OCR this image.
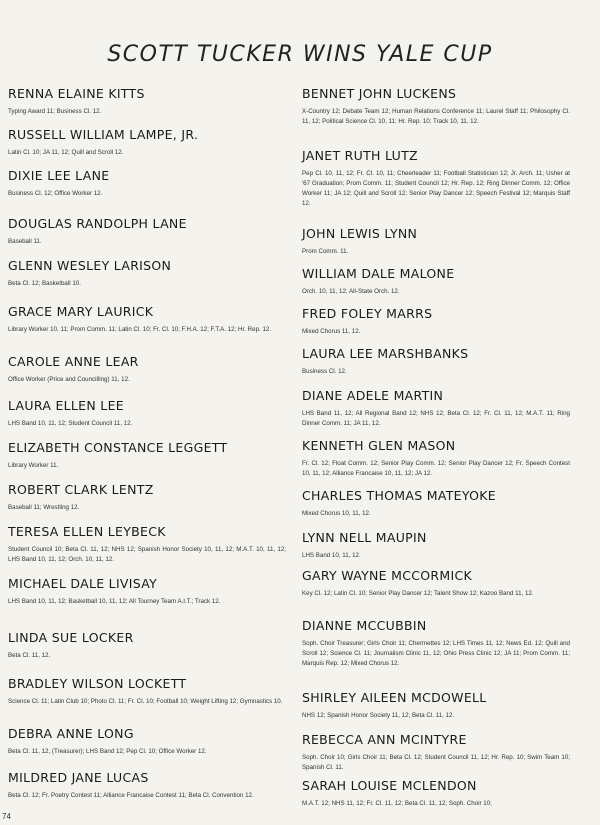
SCOTT TUCKER WINS YALE CUP
RENNA ELAINE KITTS
Typing Award 11; Business Cl. 12.
RUSSELL WILLIAM LAMPE, JR.
Latin Cl. 10; JA 11, 12; Quill and Scroll 12.
DIXIE LEE LANE
Business Cl. 12; Office Worker 12.
DOUGLAS RANDOLPH LANE
Baseball 11.
GLENN WESLEY LARISON
Beta Cl. 12; Basketball 10.
GRACE MARY LAURICK
Library Worker 10, 11; Prom Comm. 11; Latin Cl. 10; Fr. Cl. 10; F.H.A. 12; F.T.A. 12; Hr. Rep. 12.
CAROLE ANNE LEAR
Office Worker (Price and Councilling) 11, 12.
LAURA ELLEN LEE
LHS Band 10, 11, 12; Student Council 11, 12.
ELIZABETH CONSTANCE LEGGETT
Library Worker 11.
ROBERT CLARK LENTZ
Baseball 11; Wrestling 12.
TERESA ELLEN LEYBECK
Student Council 10; Beta Cl. 11, 12; NHS 12; Spanish Honor Society 10, 11, 12; M.A.T. 10, 11, 12; LHS Band 10, 11, 12; Orch. 10, 11, 12.
MICHAEL DALE LIVISAY
LHS Band 10, 11, 12; Basketball 10, 11, 12; All Tourney Team A.I.T.; Track 12.
LINDA SUE LOCKER
Beta Cl. 11, 12.
BRADLEY WILSON LOCKETT
Science Cl. 11; Latin Club 10; Photo Cl. 11; Fr. Cl. 10; Football 10; Weight Lifting 12; Gymnastics 10.
DEBRA ANNE LONG
Beta Cl. 11, 12, (Treasurer); LHS Band 12; Pep Cl. 10; Office Worker 12.
MILDRED JANE LUCAS
Beta Cl. 12; Fr. Poetry Contest 11; Alliance Francaise Contest 11; Beta Cl. Convention 12.
BENNET JOHN LUCKENS
X-Country 12; Debate Team 12; Human Relations Conference 11; Laurel Staff 11; Philosophy Cl. 11, 12; Political Science Cl. 10, 11; Hr. Rep. 10; Track 10, 11, 12.
JANET RUTH LUTZ
Pep Cl. 10, 11, 12; Fr. Cl. 10, 11; Cheerleader 11; Football Statistician 12; Jr. Arch. 11; Usher at '67 Graduation; Prom Comm. 11; Student Council 12; Hr. Rep. 12; Ring Dinner Comm. 12; Office Worker 11; JA 12; Quill and Scroll 12; Senior Play Dancer 12; Speech Festival 12; Marquis Staff 12.
JOHN LEWIS LYNN
Prom Comm. 11.
WILLIAM DALE MALONE
Orch. 10, 11, 12; All-State Orch. 12.
FRED FOLEY MARRS
Mixed Chorus 11, 12.
LAURA LEE MARSHBANKS
Business Cl. 12.
DIANE ADELE MARTIN
LHS Band 11, 12; All Regional Band 12; NHS 12; Beta Cl. 12; Fr. Cl. 11, 12; M.A.T. 11; Ring Dinner Comm. 11; JA 11, 12.
KENNETH GLEN MASON
Fr. Cl. 12; Float Comm. 12; Senior Play Comm. 12; Senior Play Dancer 12; Fr. Speech Contest 10, 11, 12; Alliance Francaise 10, 11, 12; JA 12.
CHARLES THOMAS MATEYOKE
Mixed Chorus 10, 11, 12.
LYNN NELL MAUPIN
LHS Band 10, 11, 12.
GARY WAYNE MCCORMICK
Key Cl. 12; Latin Cl. 10; Senior Play Dancer 12; Talent Show 12; Kazoo Band 11, 12.
DIANNE MCCUBBIN
Soph. Choir Treasurer; Girls Choir 11; Chermettes 12; LHS Times 11, 12; News Ed. 12; Quill and Scroll 12; Science Cl. 11; Journalism Clinic 11, 12; Ohio Press Clinic 12; JA 11; Prom Comm. 11; Marquis Rep. 12; Mixed Chorus 12.
SHIRLEY AILEEN MCDOWELL
NHS 12; Spanish Honor Society 11, 12; Beta Cl. 11, 12.
REBECCA ANN MCINTYRE
Soph. Choir 10; Girls Choir 11; Beta Cl. 12; Student Council 11, 12; Hr. Rep. 10; Swim Team 10; Spanish Cl. 11.
SARAH LOUISE MCLENDON
M.A.T. 12; NHS 11, 12; Fr. Cl. 11, 12; Beta Cl. 11, 12; Soph. Choir 10;
74
